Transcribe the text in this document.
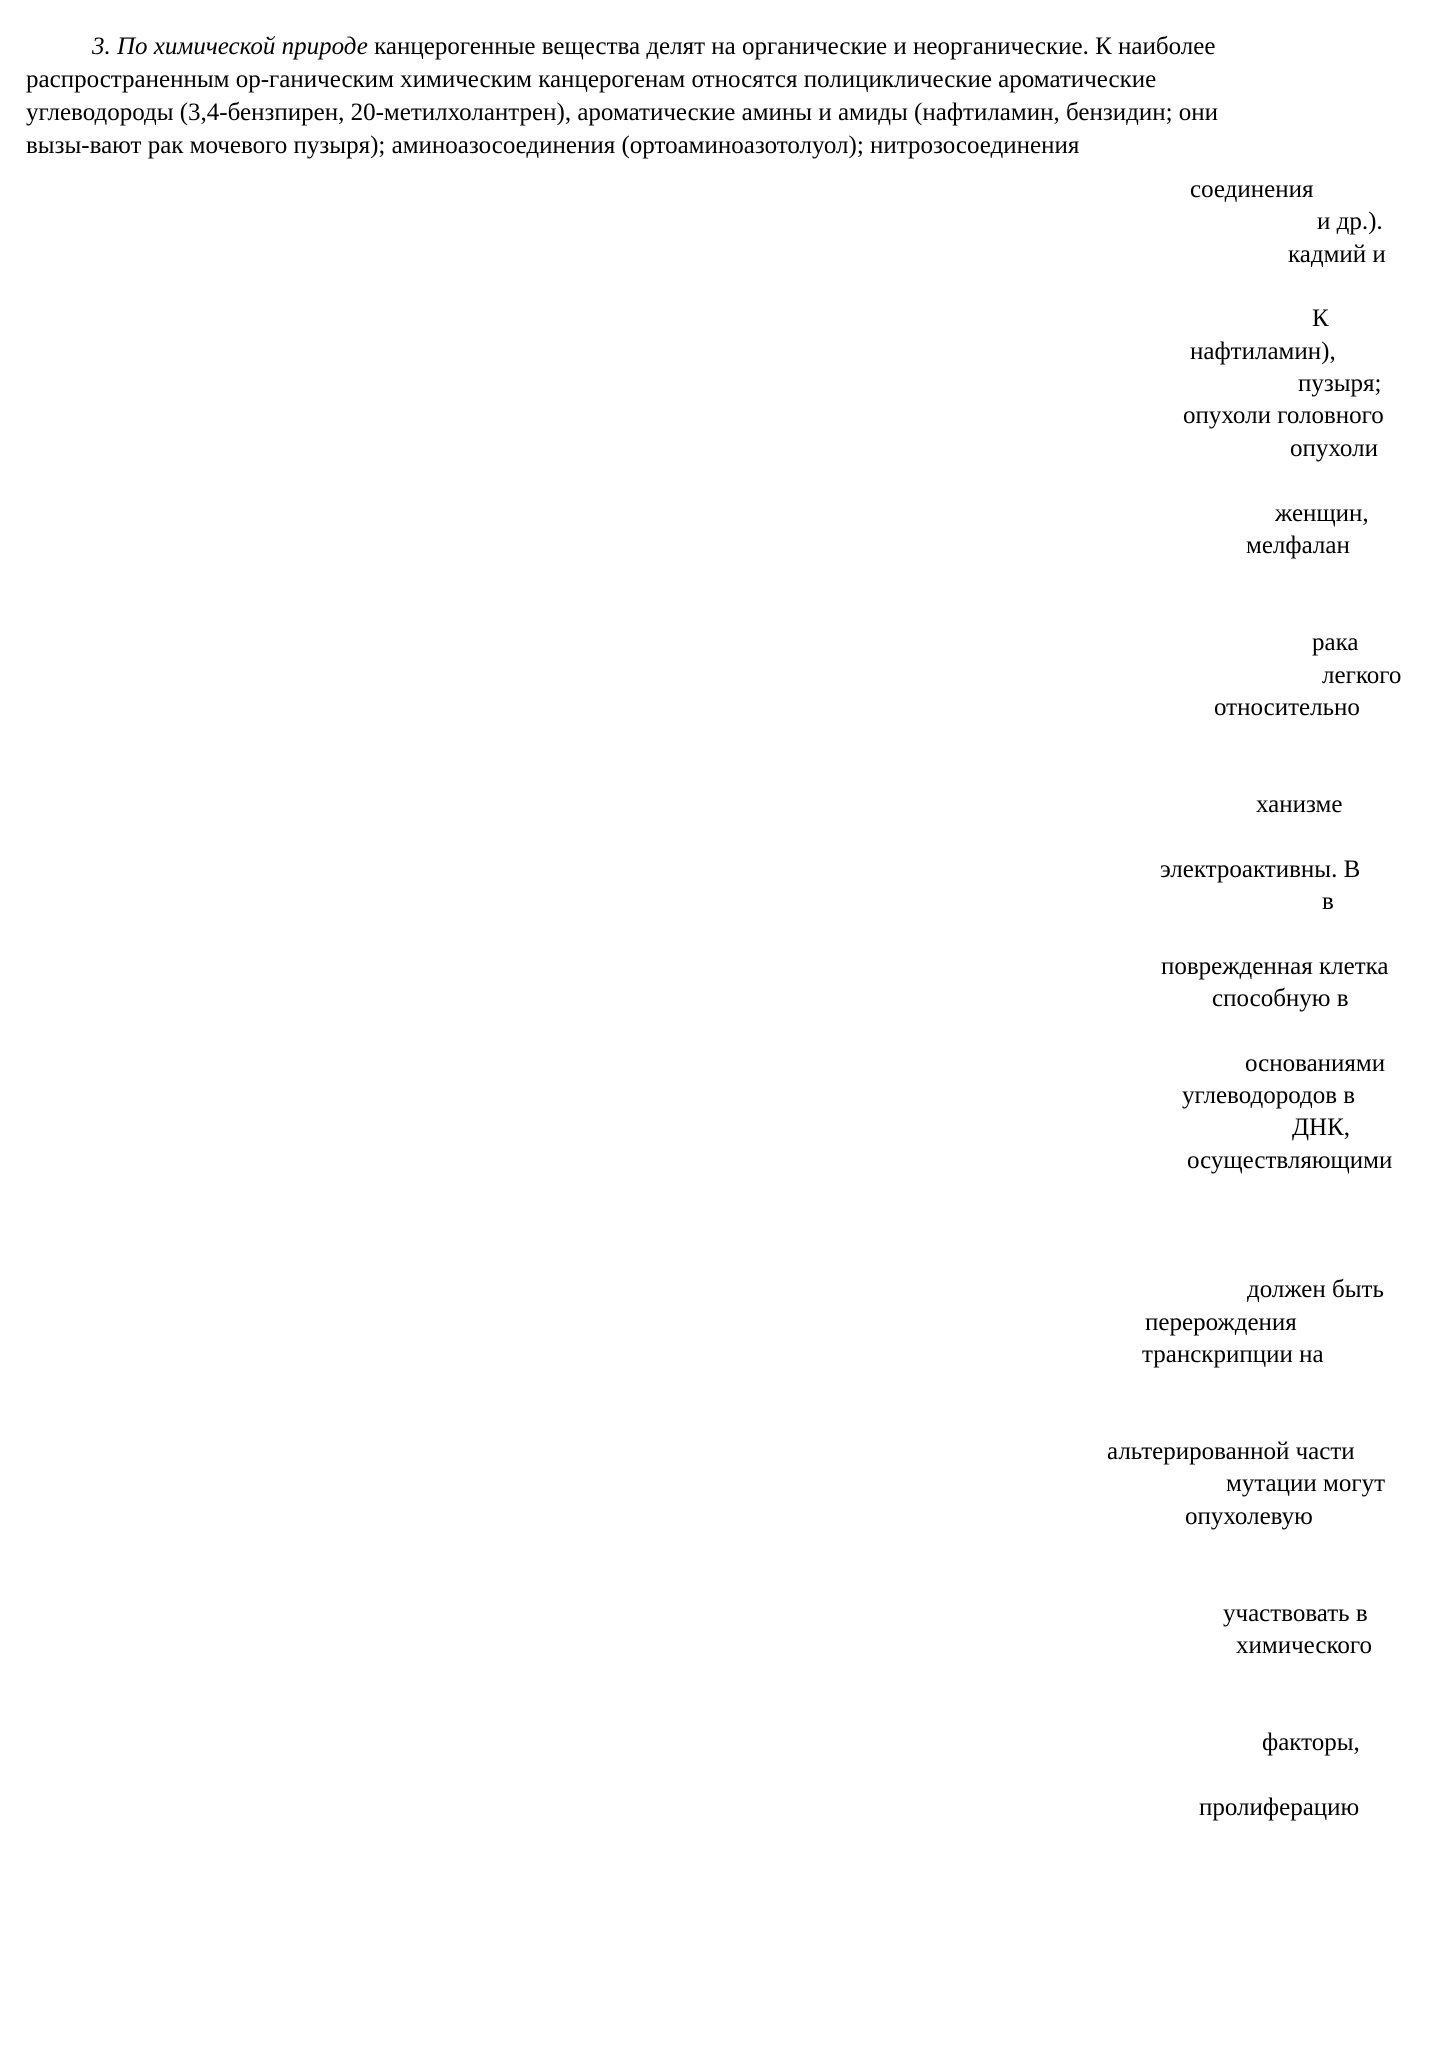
3. По химической природе канцерогенные вещества делят на органические и неорганические. К наиболее
распространенным ор-ганическим химическим канцерогенам относятся полициклические ароматические
углеводороды (3,4-бензпирен, 20-метилхолантрен), ароматические амины и амиды (нафтиламин, бензидин; они
вызы-вают рак мочевого пузыря); аминоазосоединения (ортоаминоазотолуол); нитрозосоединения
соединения
и др.).
кадмий и
К
нафтиламин),
пузыря;
опухоли головного
опухоли
женщин,
мелфалан
рака
легкого
относительно
ханизме
электроактивны. В
в
поврежденная клетка
способную в
основаниями
углеводородов в
ДНК,
осуществляющими
должен быть
перерождения
транскрипции на
альтерированной части
мутации могут
опухолевую
участвовать в
химического
факторы,
пролиферацию
